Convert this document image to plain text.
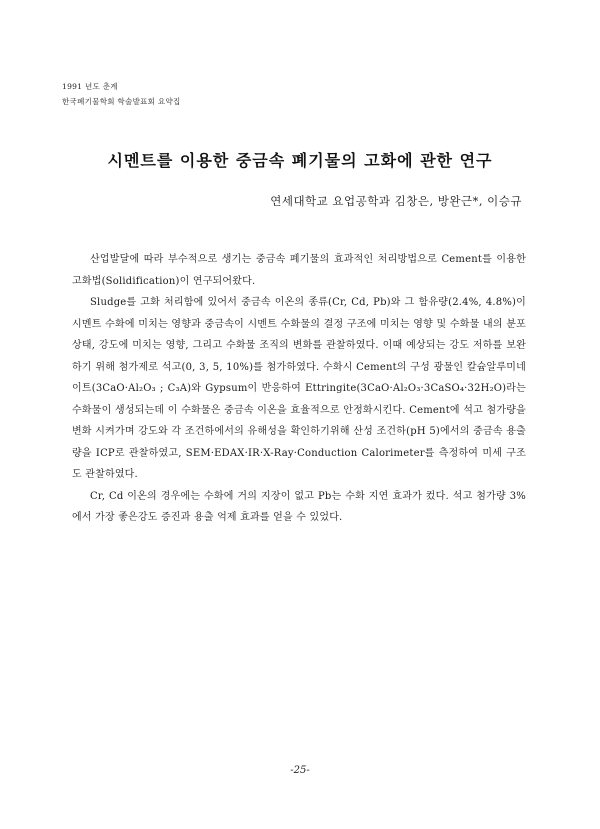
1991 년도 춘계
한국폐기물학회 학술발표회 요약집
시멘트를 이용한 중금속 폐기물의 고화에 관한 연구
연세대학교 요업공학과 김창은, 방완근*, 이승규

산업발달에 따라 부수적으로 생기는 중금속 폐기물의 효과적인 처리방법으로 Cement를 이용한 고화법(Solidification)이 연구되어왔다.

Sludge를 고화 처리함에 있어서 중금속 이온의 종류(Cr, Cd, Pb)와 그 함유량(2.4%, 4.8%)이 시멘트 수화에 미치는 영향과 중금속이 시멘트 수화물의 결정 구조에 미치는 영향 및 수화물 내의 분포 상태, 강도에 미치는 영향, 그리고 수화물 조직의 변화를 관찰하였다. 이때 예상되는 강도 저하를 보완하기 위해 첨가제로 석고(0, 3, 5, 10%)를 첨가하였다. 수화시 Cement의 구성 광물인 칼슘알루미네이트(3CaO·Al₂O₃ ; C₃A)와 Gypsum이 반응하여 Ettringite(3CaO·Al₂O₃·3CaSO₄·32H₂O)라는 수화물이 생성되는데 이 수화물은 중금속 이온을 효율적으로 안정화시킨다. Cement에 석고 첨가량을 변화 시켜가며 강도와 각 조건하에서의 유해성을 확인하기위해 산성 조건하(pH 5)에서의 중금속 용출량을 ICP로 관찰하였고, SEM·EDAX·IR·X-Ray·Conduction Calorimeter를 측정하여 미세 구조도 관찰하였다.

Cr, Cd 이온의 경우에는 수화에 거의 지장이 없고 Pb는 수화 지연 효과가 컸다. 석고 첨가량 3%에서 가장 좋은강도 증진과 용출 억제 효과를 얻을 수 있었다.

-25-
